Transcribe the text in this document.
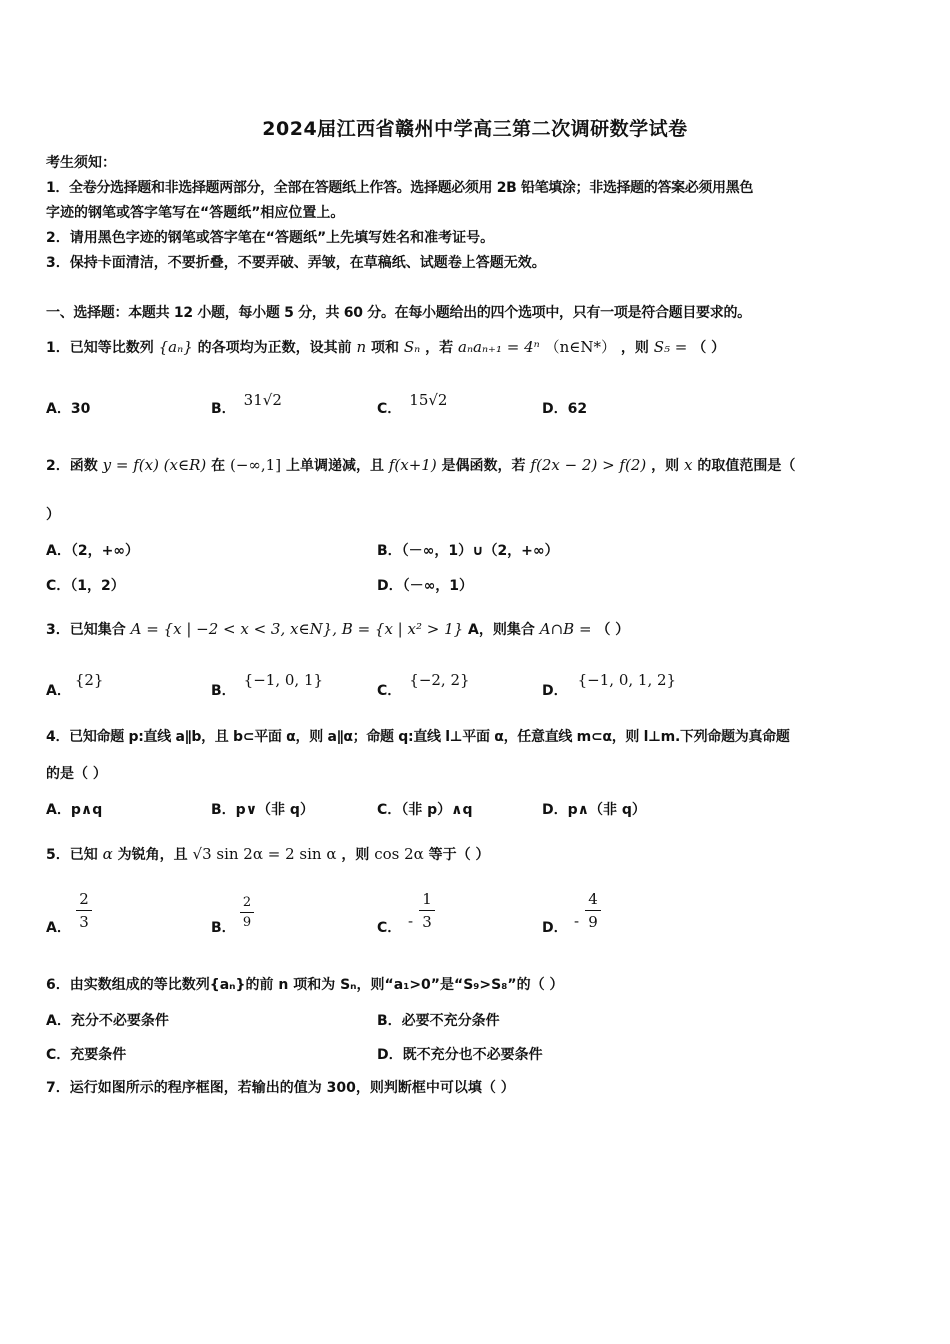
2024届江西省赣州中学高三第二次调研数学试卷
考生须知：
1．全卷分选择题和非选择题两部分，全部在答题纸上作答。选择题必须用 2B 铅笔填涂；非选择题的答案必须用黑色
字迹的钢笔或答字笔写在“答题纸”相应位置上。
2．请用黑色字迹的钢笔或答字笔在“答题纸”上先填写姓名和准考证号。
3．保持卡面清洁，不要折叠，不要弄破、弄皱，在草稿纸、试题卷上答题无效。
一、选择题：本题共 12 小题，每小题 5 分，共 60 分。在每小题给出的四个选项中，只有一项是符合题目要求的。
1．已知等比数列 {aₙ} 的各项均为正数，设其前 n 项和 Sₙ ，若 aₙaₙ₊₁ = 4ⁿ （n∈N*） ，则 S₅ = （ ）
A．30	B． 31√2	C． 15√2	D．62
2．函数 y = f(x) (x∈R) 在 (−∞,1] 上单调递减，且 f(x+1) 是偶函数，若 f(2x − 2) > f(2) ，则 x 的取值范围是（
）
A．（2，+∞）	B．（－∞，1）∪（2，+∞）
C．（1，2）	D．（－∞，1）
3．已知集合 A = {x | −2 < x < 3, x∈N}, B = {x | x² > 1} A，则集合 A∩B = （ ）
A．{2}
B．{−1, 0, 1}
C．{−2, 2}
D．{−1, 0, 1, 2}
4．已知命题 p:直线 a∥b，且 b⊂平面 α，则 a∥α；命题 q:直线 l⊥平面 α，任意直线 m⊂α，则 l⊥m.下列命题为真命题
的是（ ）
A．p∧q	B．p∨（非 q）	C．（非 p）∧q	D．p∧（非 q）
5．已知 α 为锐角，且 √3 sin 2α = 2 sin α ，则 cos 2α 等于（ ）
A．
2
3	B．
2
9	C． -
1
3	D． -
4
9
6．由实数组成的等比数列{aₙ}的前 n 项和为 Sₙ，则“a₁>0”是“S₉>S₈”的（ ）
A．充分不必要条件	B．必要不充分条件
C．充要条件	D．既不充分也不必要条件
7．运行如图所示的程序框图，若输出的值为 300，则判断框中可以填（ ）
